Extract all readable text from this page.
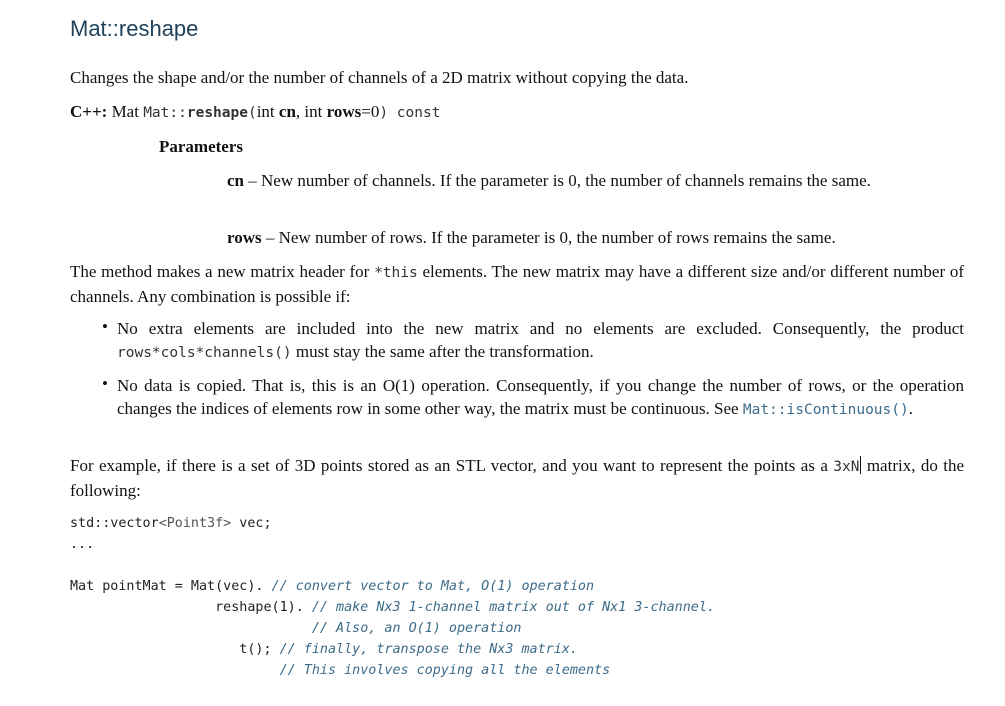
Mat::reshape
Changes the shape and/or the number of channels of a 2D matrix without copying the data.
C++: Mat Mat::reshape(int cn, int rows=0) const
Parameters
cn – New number of channels. If the parameter is 0, the number of channels remains the same.
rows – New number of rows. If the parameter is 0, the number of rows remains the same.
The method makes a new matrix header for *this elements. The new matrix may have a different size and/or different number of channels. Any combination is possible if:
• No extra elements are included into the new matrix and no elements are excluded. Consequently, the product rows*cols*channels() must stay the same after the transformation.
• No data is copied. That is, this is an O(1) operation. Consequently, if you change the number of rows, or the operation changes the indices of elements row in some other way, the matrix must be continuous. See Mat::isContinuous().
For example, if there is a set of 3D points stored as an STL vector, and you want to represent the points as a 3xN matrix, do the following:
std::vector<Point3f> vec;
...

Mat pointMat = Mat(vec). // convert vector to Mat, O(1) operation
reshape(1). // make Nx3 1-channel matrix out of Nx1 3-channel.
// Also, an O(1) operation
t(); // finally, transpose the Nx3 matrix.
// This involves copying all the elements
